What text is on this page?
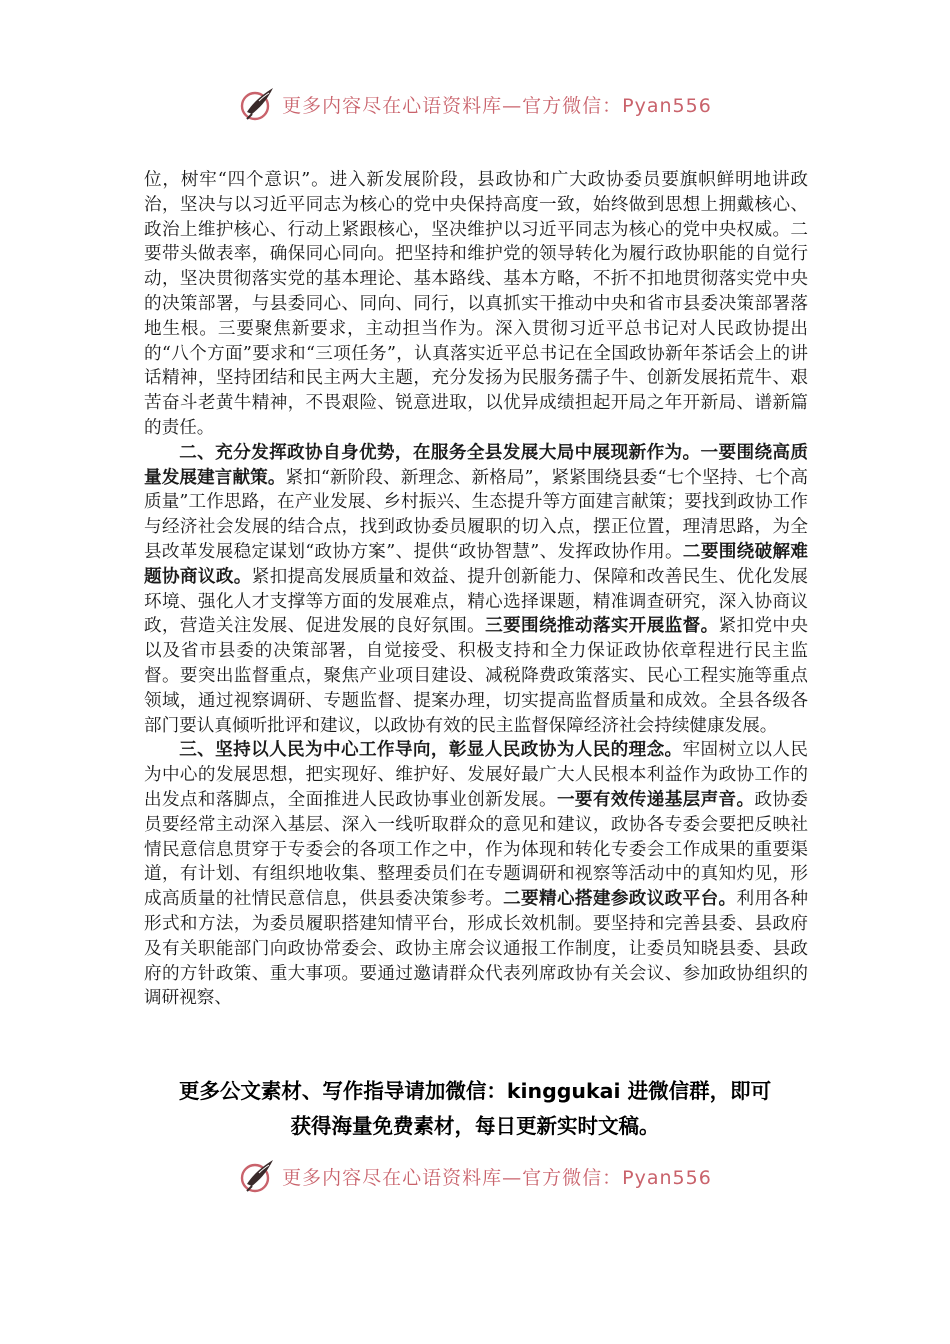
更多内容尽在心语资料库—官方微信：Pyan556

位，树牢“四个意识”。进入新发展阶段，县政协和广大政协委员要旗帜鲜明地讲政治，坚决与以习近平同志为核心的党中央保持高度一致，始终做到思想上拥戴核心、政治上维护核心、行动上紧跟核心，坚决维护以习近平同志为核心的党中央权威。二要带头做表率，确保同心同向。把坚持和维护党的领导转化为履行政协职能的自觉行动，坚决贯彻落实党的基本理论、基本路线、基本方略，不折不扣地贯彻落实党中央的决策部署，与县委同心、同向、同行，以真抓实干推动中央和省市县委决策部署落地生根。三要聚焦新要求，主动担当作为。深入贯彻习近平总书记对人民政协提出的“八个方面”要求和“三项任务”，认真落实近平总书记在全国政协新年茶话会上的讲话精神，坚持团结和民主两大主题，充分发扬为民服务孺子牛、创新发展拓荒牛、艰苦奋斗老黄牛精神，不畏艰险、锐意进取，以优异成绩担起开局之年开新局、谱新篇的责任。

二、充分发挥政协自身优势，在服务全县发展大局中展现新作为。一要围绕高质量发展建言献策。紧扣“新阶段、新理念、新格局”，紧紧围绕县委“七个坚持、七个高质量”工作思路，在产业发展、乡村振兴、生态提升等方面建言献策；要找到政协工作与经济社会发展的结合点，找到政协委员履职的切入点，摆正位置，理清思路，为全县改革发展稳定谋划“政协方案”、提供“政协智慧”、发挥政协作用。二要围绕破解难题协商议政。紧扣提高发展质量和效益、提升创新能力、保障和改善民生、优化发展环境、强化人才支撑等方面的发展难点，精心选择课题，精准调查研究，深入协商议政，营造关注发展、促进发展的良好氛围。三要围绕推动落实开展监督。紧扣党中央以及省市县委的决策部署，自觉接受、积极支持和全力保证政协依章程进行民主监督。要突出监督重点，聚焦产业项目建设、减税降费政策落实、民心工程实施等重点领域，通过视察调研、专题监督、提案办理，切实提高监督质量和成效。全县各级各部门要认真倾听批评和建议，以政协有效的民主监督保障经济社会持续健康发展。

三、坚持以人民为中心工作导向，彰显人民政协为人民的理念。牢固树立以人民为中心的发展思想，把实现好、维护好、发展好最广大人民根本利益作为政协工作的出发点和落脚点，全面推进人民政协事业创新发展。一要有效传递基层声音。政协委员要经常主动深入基层、深入一线听取群众的意见和建议，政协各专委会要把反映社情民意信息贯穿于专委会的各项工作之中，作为体现和转化专委会工作成果的重要渠道，有计划、有组织地收集、整理委员们在专题调研和视察等活动中的真知灼见，形成高质量的社情民意信息，供县委决策参考。二要精心搭建参政议政平台。利用各种形式和方法，为委员履职搭建知情平台，形成长效机制。要坚持和完善县委、县政府及有关职能部门向政协常委会、政协主席会议通报工作制度，让委员知晓县委、县政府的方针政策、重大事项。要通过邀请群众代表列席政协有关会议、参加政协组织的调研视察、

更多公文素材、写作指导请加微信：kinggukai 进微信群，即可
获得海量免费素材，每日更新实时文稿。
更多内容尽在心语资料库—官方微信：Pyan556
